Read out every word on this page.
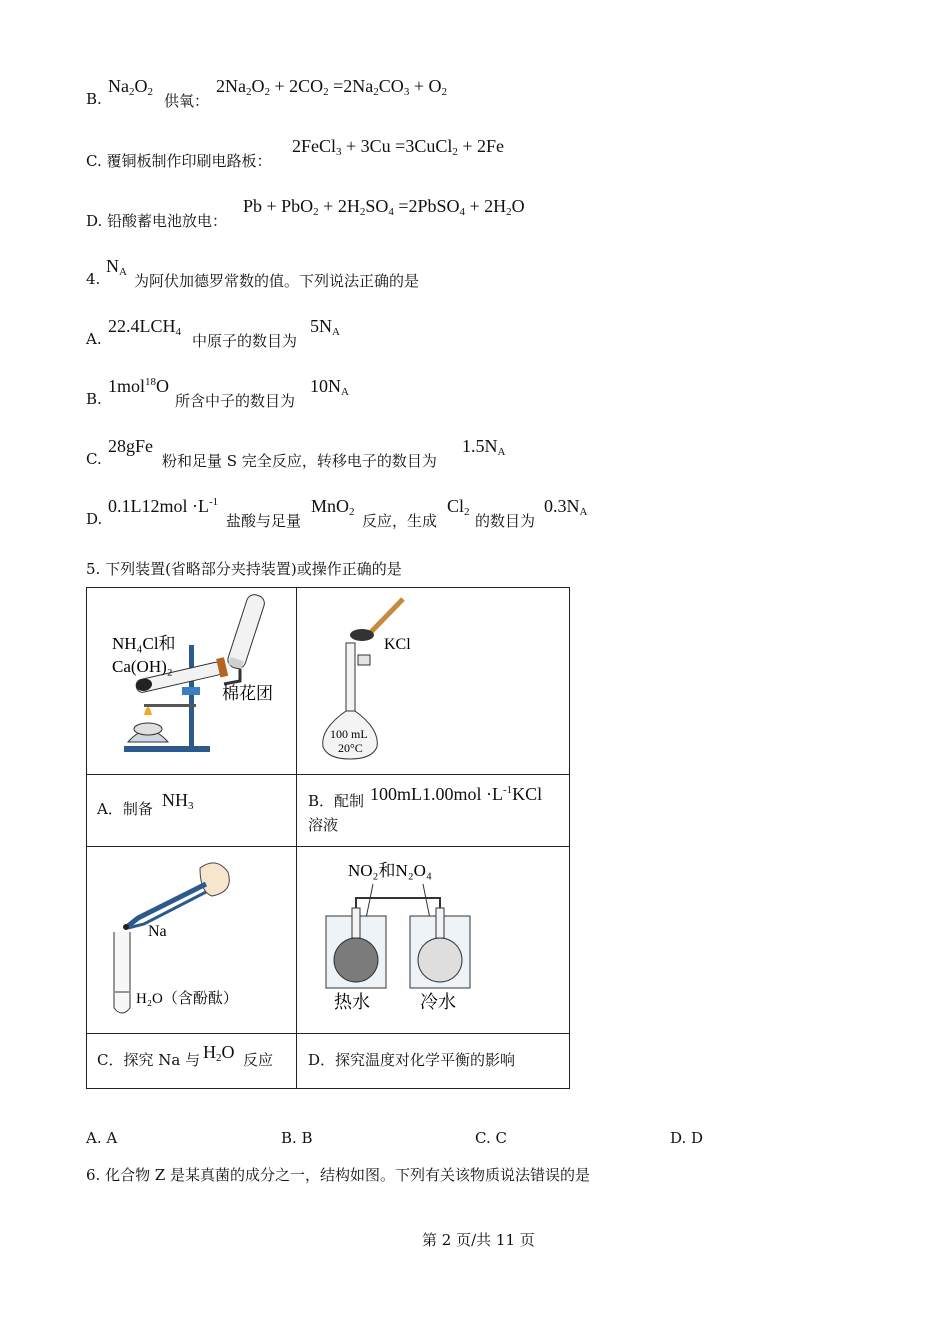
B.
$Na_2O_2$ 供氧：
$2Na_2O_2 + 2CO_2 =2Na_2CO_3 + O_2$
C. 覆铜板制作印刷电路板：
2FeCl$_3$ + 3Cu =3CuCl$_2$ + 2Fe
D. 铅酸蓄电池放电：
$Pb + PbO_2 + 2H_2SO_4$ =2PbSO$_4$ + $2H_2O$
4.
$N_A$ 为阿伏加德罗常数的值。下列说法正确的是
A.
$22.4LCH_4$ 中原子的数目为
$5N_A$
B.
1mol$^{18}$O
所含中子的数目为
$10N_A$
C.
28gFe
粉和足量 S 完全反应，转移电子的数目为
$1.5N_A$
D.
$0.1L12mol \cdot L^{-1}$
盐酸与足量
MnO$_2$ 反应，生成
$Cl_2$ 的数目为
$0.3N_A$
5. 下列装置(省略部分夹持装置)或操作正确的是

NH₄Cl和
Ca(OH)₂
棉花团
KCl
100 mL
20°C
A．制备 $NH_3$	B．配制 $100mL1.00mol \cdot L^{-1}KCl$
溶液
Na
H₂O（含酚酞）
NO₂和N₂O₄
热水	冷水
C．探究 Na 与 $H_2O$ 反应 D．探究温度对化学平衡的影响
A. A	B. B	C. C	D. D
6. 化合物 Z 是某真菌的成分之一，结构如图。下列有关该物质说法错误的是
第 2 页/共 11 页
